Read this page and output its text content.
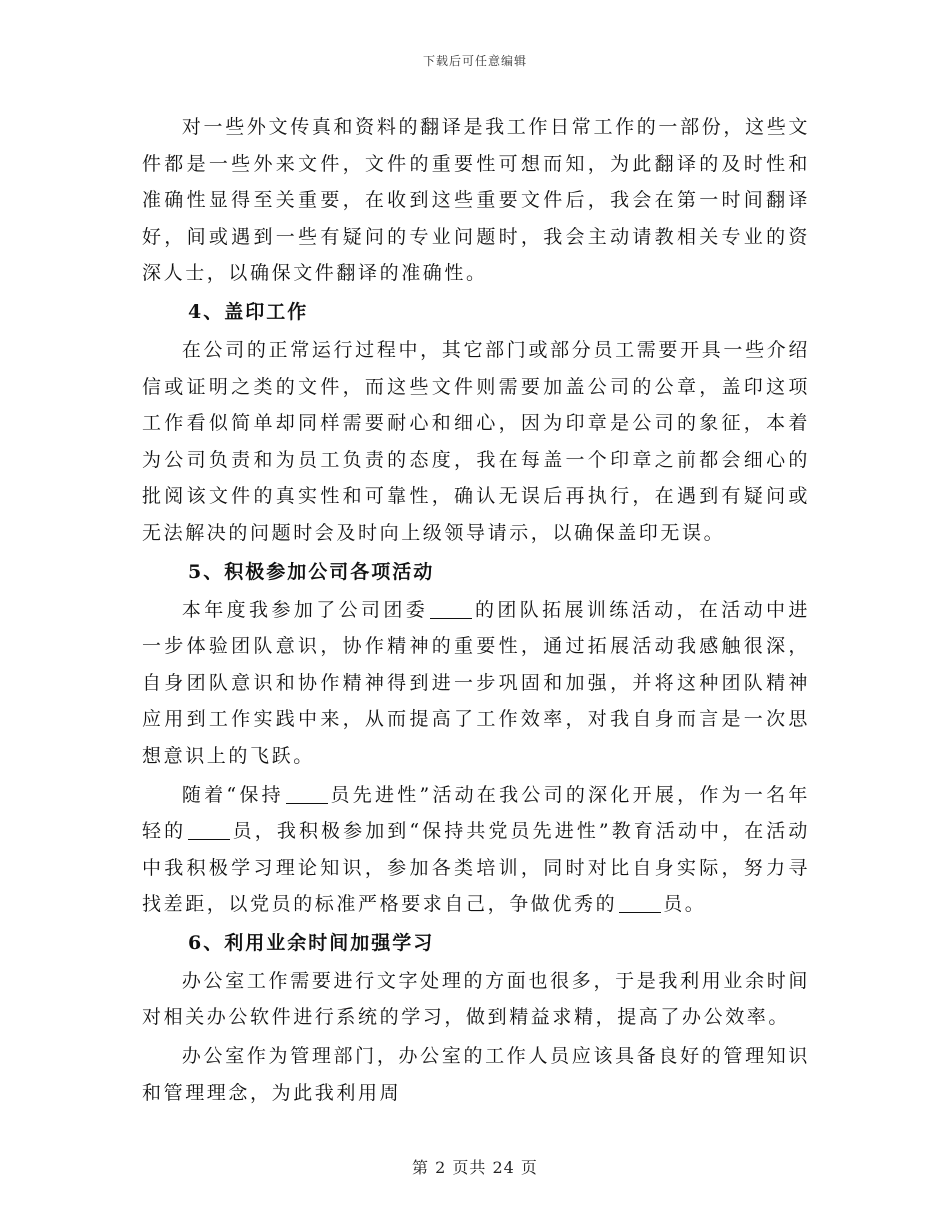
下载后可任意编辑

对一些外文传真和资料的翻译是我工作日常工作的一部份，这些文件都是一些外来文件，文件的重要性可想而知，为此翻译的及时性和准确性显得至关重要，在收到这些重要文件后，我会在第一时间翻译好，间或遇到一些有疑问的专业问题时，我会主动请教相关专业的资深人士，以确保文件翻译的准确性。

4、盖印工作

在公司的正常运行过程中，其它部门或部分员工需要开具一些介绍信或证明之类的文件，而这些文件则需要加盖公司的公章，盖印这项工作看似简单却同样需要耐心和细心，因为印章是公司的象征，本着为公司负责和为员工负责的态度，我在每盖一个印章之前都会细心的批阅该文件的真实性和可靠性，确认无误后再执行，在遇到有疑问或无法解决的问题时会及时向上级领导请示，以确保盖印无误。

5、积极参加公司各项活动

本年度我参加了公司团委 的团队拓展训练活动，在活动中进一步体验团队意识，协作精神的重要性，通过拓展活动我感触很深，自身团队意识和协作精神得到进一步巩固和加强，并将这种团队精神应用到工作实践中来，从而提高了工作效率，对我自身而言是一次思想意识上的飞跃。

随着“保持 员先进性”活动在我公司的深化开展，作为一名年轻的 员，我积极参加到“保持共党员先进性”教育活动中，在活动中我积极学习理论知识，参加各类培训，同时对比自身实际，努力寻找差距，以党员的标准严格要求自己，争做优秀的 员。

6、利用业余时间加强学习

办公室工作需要进行文字处理的方面也很多，于是我利用业余时间对相关办公软件进行系统的学习，做到精益求精，提高了办公效率。

办公室作为管理部门，办公室的工作人员应该具备良好的管理知识和管理理念，为此我利用周

第 2 页共 24 页
